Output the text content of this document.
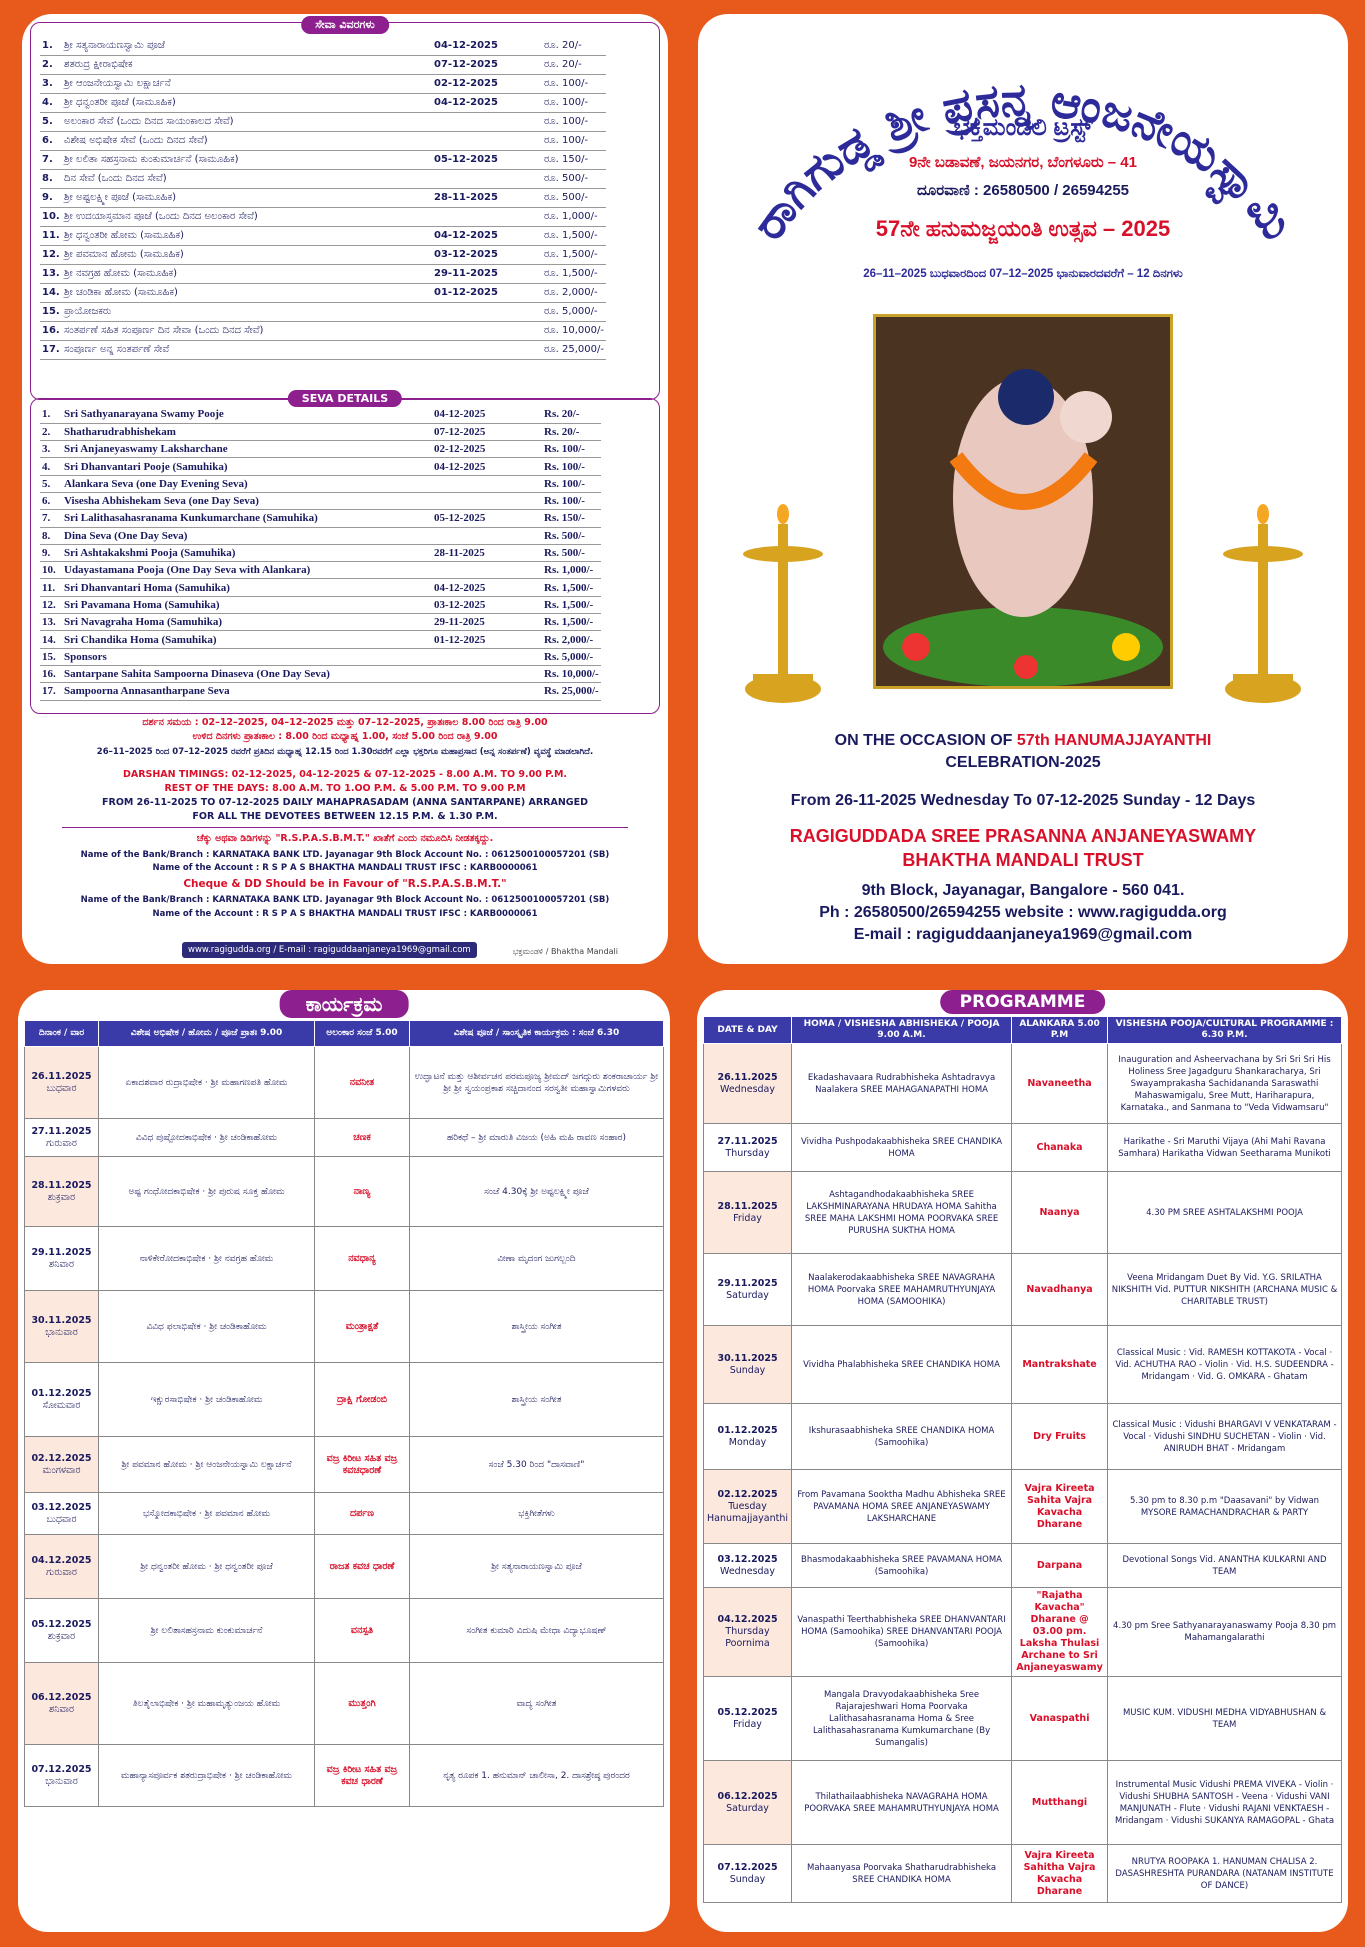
ಸೇವಾ ವಿವರಗಳು
1.	ಶ್ರೀ ಸತ್ಯನಾರಾಯಣಸ್ವಾಮಿ ಪೂಜೆ	04-12-2025	ರೂ. 20/-
2.	ಶತರುದ್ರ ಕ್ಷೀರಾಭಿಷೇಕ	07-12-2025	ರೂ. 20/-
3.	ಶ್ರೀ ಆಂಜನೇಯಸ್ವಾಮಿ ಲಕ್ಷಾರ್ಚನೆ	02-12-2025	ರೂ. 100/-
4.	ಶ್ರೀ ಧನ್ವಂತರೀ ಪೂಜೆ (ಸಾಮೂಹಿಕ)	04-12-2025	ರೂ. 100/-
5.	ಅಲಂಕಾರ ಸೇವೆ (ಒಂದು ದಿನದ ಸಾಯಂಕಾಲದ ಸೇವೆ)		ರೂ. 100/-
6.	ವಿಶೇಷ ಅಭಿಷೇಕ ಸೇವೆ (ಒಂದು ದಿನದ ಸೇವೆ)		ರೂ. 100/-
7.	ಶ್ರೀ ಲಲಿತಾ ಸಹಸ್ರನಾಮ ಕುಂಕುಮಾರ್ಚನೆ (ಸಾಮೂಹಿಕ)	05-12-2025	ರೂ. 150/-
8.	ದಿನ ಸೇವೆ (ಒಂದು ದಿನದ ಸೇವೆ)		ರೂ. 500/-
9.	ಶ್ರೀ ಅಷ್ಟಲಕ್ಷ್ಮೀ ಪೂಜೆ (ಸಾಮೂಹಿಕ)	28-11-2025	ರೂ. 500/-
10.	ಶ್ರೀ ಉದಯಾಸ್ತಮಾನ ಪೂಜೆ (ಒಂದು ದಿನದ ಅಲಂಕಾರ ಸೇವೆ)		ರೂ. 1,000/-
11.	ಶ್ರೀ ಧನ್ವಂತರೀ ಹೋಮ (ಸಾಮೂಹಿಕ)	04-12-2025	ರೂ. 1,500/-
12.	ಶ್ರೀ ಪವಮಾನ ಹೋಮ (ಸಾಮೂಹಿಕ)	03-12-2025	ರೂ. 1,500/-
13.	ಶ್ರೀ ನವಗ್ರಹ ಹೋಮ (ಸಾಮೂಹಿಕ)	29-11-2025	ರೂ. 1,500/-
14.	ಶ್ರೀ ಚಂಡಿಕಾ ಹೋಮ (ಸಾಮೂಹಿಕ)	01-12-2025	ರೂ. 2,000/-
15.	ಪ್ರಾಯೋಜಕರು		ರೂ. 5,000/-
16.	ಸಂತರ್ಪಣೆ ಸಹಿತ ಸಂಪೂರ್ಣ ದಿನ ಸೇವಾ (ಒಂದು ದಿನದ ಸೇವೆ)		ರೂ. 10,000/-
17.	ಸಂಪೂರ್ಣ ಅನ್ನ ಸಂತರ್ಪಣೆ ಸೇವೆ		ರೂ. 25,000/-
SEVA DETAILS
1.	Sri Sathyanarayana Swamy Pooje	04-12-2025	Rs. 20/-
2.	Shatharudrabhishekam	07-12-2025	Rs. 20/-
3.	Sri Anjaneyaswamy Laksharchane	02-12-2025	Rs. 100/-
4.	Sri Dhanvantari Pooje (Samuhika)	04-12-2025	Rs. 100/-
5.	Alankara Seva (one Day Evening Seva)		Rs. 100/-
6.	Visesha Abhishekam Seva (one Day Seva)		Rs. 100/-
7.	Sri Lalithasahasranama Kunkumarchane (Samuhika)	05-12-2025	Rs. 150/-
8.	Dina Seva (One Day Seva)		Rs. 500/-
9.	Sri Ashtakakshmi Pooja (Samuhika)	28-11-2025	Rs. 500/-
10.	Udayastamana Pooja (One Day Seva with Alankara)		Rs. 1,000/-
11.	Sri Dhanvantari Homa (Samuhika)	04-12-2025	Rs. 1,500/-
12.	Sri Pavamana Homa (Samuhika)	03-12-2025	Rs. 1,500/-
13.	Sri Navagraha Homa (Samuhika)	29-11-2025	Rs. 1,500/-
14.	Sri Chandika Homa (Samuhika)	01-12-2025	Rs. 2,000/-
15.	Sponsors		Rs. 5,000/-
16.	Santarpane Sahita Sampoorna Dinaseva (One Day Seva)		Rs. 10,000/-
17.	Sampoorna Annasantharpane Seva		Rs. 25,000/-
ದರ್ಶನ ಸಮಯ : 02–12–2025, 04–12–2025 ಮತ್ತು 07–12–2025, ಪ್ರಾತಃಕಾಲ 8.00 ರಿಂದ ರಾತ್ರಿ 9.00
ಉಳಿದ ದಿನಗಳು ಪ್ರಾತಃಕಾಲ : 8.00 ರಿಂದ ಮಧ್ಯಾಹ್ನ 1.00, ಸಂಜೆ 5.00 ರಿಂದ ರಾತ್ರಿ 9.00
26–11–2025 ರಿಂದ 07–12–2025 ರವರೆಗೆ ಪ್ರತಿದಿನ ಮಧ್ಯಾಹ್ನ 12.15 ರಿಂದ 1.30ರವರೆಗೆ ಎಲ್ಲಾ ಭಕ್ತರಿಗೂ ಮಹಾಪ್ರಸಾದ (ಅನ್ನ ಸಂತರ್ಪಣೆ) ವ್ಯವಸ್ಥೆ ಮಾಡಲಾಗಿದೆ.
DARSHAN TIMINGS: 02-12-2025, 04-12-2025 & 07-12-2025 - 8.00 A.M. TO 9.00 P.M.
REST OF THE DAYS: 8.00 A.M. TO 1.OO P.M. & 5.00 P.M. TO 9.00 P.M
FROM 26-11-2025 TO 07-12-2025 DAILY MAHAPRASADAM (ANNA SANTARPANE) ARRANGED
FOR ALL THE DEVOTEES BETWEEN 12.15 P.M. & 1.30 P.M.
ಚೆಕ್ಕು ಅಥವಾ ಡಿಡಿಗಳನ್ನು "R.S.P.A.S.B.M.T." ಖಾತೆಗೆ ಎಂದು ನಮೂದಿಸಿ ನೀಡತಕ್ಕದ್ದು.
Name of the Bank/Branch : KARNATAKA BANK LTD. Jayanagar 9th Block Account No. : 0612500100057201 (SB)
Name of the Account : R S P A S BHAKTHA MANDALI TRUST IFSC : KARB0000061
Cheque & DD Should be in Favour of "R.S.P.A.S.B.M.T."
Name of the Bank/Branch : KARNATAKA BANK LTD. Jayanagar 9th Block Account No. : 0612500100057201 (SB)
Name of the Account : R S P A S BHAKTHA MANDALI TRUST IFSC : KARB0000061
www.ragigudda.org / E-mail : ragiguddaanjaneya1969@gmail.com	ಭಕ್ತಮಂಡಳಿ / Bhaktha Mandali
ರಾಗಿಗುಡ್ಡ ಶ್ರೀ ಪ್ರಸನ್ನ ಆಂಜನೇಯಸ್ವಾಮಿ
ಭಕ್ತಮಂಡಲಿ ಟ್ರಸ್ಟ್
9ನೇ ಬಡಾವಣೆ, ಜಯನಗರ, ಬೆಂಗಳೂರು – 41
ದೂರವಾಣಿ : 26580500 / 26594255
57ನೇ ಹನುಮಜ್ಜಯಂತಿ ಉತ್ಸವ – 2025
26–11–2025 ಬುಧವಾರದಿಂದ 07–12–2025 ಭಾನುವಾರದವರೆಗೆ – 12 ದಿನಗಳು
ON THE OCCASION OF 57th HANUMAJJAYANTHI
CELEBRATION-2025
From 26-11-2025 Wednesday To 07-12-2025 Sunday - 12 Days
RAGIGUDDADA SREE PRASANNA ANJANEYASWAMY
BHAKTHA MANDALI TRUST
9th Block, Jayanagar, Bangalore - 560 041.
Ph : 26580500/26594255 website : www.ragigudda.org
E-mail : ragiguddaanjaneya1969@gmail.com
ಕಾರ್ಯಕ್ರಮ
ದಿನಾಂಕ / ವಾರ	ವಿಶೇಷ ಅಭಿಷೇಕ / ಹೋಮ / ಪೂಜೆ ಪ್ರಾತಃ 9.00	ಅಲಂಕಾರ ಸಂಜೆ 5.00	ವಿಶೇಷ ಪೂಜೆ / ಸಾಂಸ್ಕೃತಿಕ ಕಾರ್ಯಕ್ರಮ : ಸಂಜೆ 6.30

26.11.2025
ಬುಧವಾರ	ಏಕಾದಶವಾರ ರುದ್ರಾಭಿಷೇಕ · ಶ್ರೀ ಮಹಾಗಣಪತಿ ಹೋಮ	ನವನೀತ	ಉದ್ಘಾಟನೆ ಮತ್ತು ಆಶೀರ್ವಚನ ಪರಮಪೂಜ್ಯ ಶ್ರೀಮದ್ ಜಗದ್ಗುರು ಶಂಕರಾಚಾರ್ಯ ಶ್ರೀ ಶ್ರೀ ಶ್ರೀ ಸ್ವಯಂಪ್ರಕಾಶ ಸಚ್ಚಿದಾನಂದ ಸರಸ್ವತೀ ಮಹಾಸ್ವಾಮಿಗಳವರು

27.11.2025
ಗುರುವಾರ	ವಿವಿಧ ಪುಷ್ಪೋದಕಾಭಿಷೇಕ · ಶ್ರೀ ಚಂಡಿಕಾಹೋಮ	ಚಣಕ	ಹರಿಕಥೆ – ಶ್ರೀ ಮಾರುತಿ ವಿಜಯ (ಅಹಿ ಮಹಿ ರಾವಣ ಸಂಹಾರ)

28.11.2025
ಶುಕ್ರವಾರ	ಅಷ್ಟ ಗಂಧೋದಕಾಭಿಷೇಕ · ಶ್ರೀ ಪುರುಷ ಸೂಕ್ತ ಹೋಮ	ನಾಣ್ಯ	ಸಂಜೆ 4.30ಕ್ಕೆ ಶ್ರೀ ಅಷ್ಟಲಕ್ಷ್ಮೀ ಪೂಜೆ

29.11.2025
ಶನಿವಾರ	ನಾಳಿಕೇರೋದಕಾಭಿಷೇಕ · ಶ್ರೀ ನವಗ್ರಹ ಹೋಮ	ನವಧಾನ್ಯ	ವೀಣಾ ಮೃದಂಗ ಜುಗಲ್ಬಂದಿ

30.11.2025
ಭಾನುವಾರ	ವಿವಿಧ ಫಲಾಭಿಷೇಕ · ಶ್ರೀ ಚಂಡಿಕಾಹೋಮ	ಮಂತ್ರಾಕ್ಷತೆ	ಶಾಸ್ತ್ರೀಯ ಸಂಗೀತ

01.12.2025
ಸೋಮವಾರ	ಇಕ್ಷುರಸಾಭಿಷೇಕ · ಶ್ರೀ ಚಂಡಿಕಾಹೋಮ	ದ್ರಾಕ್ಷಿ ಗೋಡಂಬಿ	ಶಾಸ್ತ್ರೀಯ ಸಂಗೀತ

02.12.2025
ಮಂಗಳವಾರ	ಶ್ರೀ ಪವಮಾನ ಹೋಮ · ಶ್ರೀ ಆಂಜನೇಯಸ್ವಾಮಿ ಲಕ್ಷಾರ್ಚನೆ	ವಜ್ರ ಕಿರೀಟ ಸಹಿತ ವಜ್ರ ಕವಚಧಾರಣೆ	ಸಂಜೆ 5.30 ರಿಂದ "ದಾಸವಾಣಿ"

03.12.2025
ಬುಧವಾರ	ಭಸ್ಮೋದಕಾಭಿಷೇಕ · ಶ್ರೀ ಪವಮಾನ ಹೋಮ	ದರ್ಪಣ	ಭಕ್ತಿಗೀತೆಗಳು

04.12.2025
ಗುರುವಾರ	ಶ್ರೀ ಧನ್ವಂತರೀ ಹೋಮ · ಶ್ರೀ ಧನ್ವಂತರೀ ಪೂಜೆ	ರಾಜತ ಕವಚ ಧಾರಣೆ	ಶ್ರೀ ಸತ್ಯನಾರಾಯಣಸ್ವಾಮಿ ಪೂಜೆ

05.12.2025
ಶುಕ್ರವಾರ	ಶ್ರೀ ಲಲಿತಾಸಹಸ್ರನಾಮ ಕುಂಕುಮಾರ್ಚನೆ	ವನಸ್ಪತಿ	ಸಂಗೀತ ಕುಮಾರಿ ವಿದುಷಿ ಮೇಧಾ ವಿದ್ಯಾಭೂಷಣ್

06.12.2025
ಶನಿವಾರ	ತಿಲತೈಲಾಭಿಷೇಕ · ಶ್ರೀ ಮಹಾಮೃತ್ಯುಂಜಯ ಹೋಮ	ಮುತ್ತಂಗಿ	ವಾದ್ಯ ಸಂಗೀತ

07.12.2025
ಭಾನುವಾರ	ಮಹಾನ್ಯಾಸಪೂರ್ವಕ ಶತರುದ್ರಾಭಿಷೇಕ · ಶ್ರೀ ಚಂಡಿಕಾಹೋಮ	ವಜ್ರ ಕಿರೀಟ ಸಹಿತ ವಜ್ರ ಕವಚ ಧಾರಣೆ	ನೃತ್ಯ ರೂಪಕ 1. ಹನುಮಾನ್ ಚಾಲೀಸಾ, 2. ದಾಸಶ್ರೇಷ್ಠ ಪುರಂದರ
PROGRAMME
DATE & DAY	HOMA / VISHESHA ABHISHEKA / POOJA 9.00 A.M.	ALANKARA 5.00 P.M	VISHESHA POOJA/CULTURAL PROGRAMME : 6.30 P.M.

26.11.2025
Wednesday	Ekadashavaara Rudrabhisheka Ashtadravya Naalakera SREE MAHAGANAPATHI HOMA	Navaneetha	Inauguration and Asheervachana by Sri Sri Sri His Holiness Sree Jagadguru Shankaracharya, Sri Swayamprakasha Sachidananda Saraswathi Mahaswamigalu, Sree Mutt, Hariharapura, Karnataka., and Sanmana to "Veda Vidwamsaru"

27.11.2025
Thursday	Vividha Pushpodakaabhisheka SREE CHANDIKA HOMA	Chanaka	Harikathe - Sri Maruthi Vijaya (Ahi Mahi Ravana Samhara) Harikatha Vidwan Seetharama Munikoti

28.11.2025
Friday	Ashtagandhodakaabhisheka SREE LAKSHMINARAYANA HRUDAYA HOMA Sahitha SREE MAHA LAKSHMI HOMA POORVAKA SREE PURUSHA SUKTHA HOMA	Naanya	4.30 PM SREE ASHTALAKSHMI POOJA

29.11.2025
Saturday	Naalakerodakaabhisheka SREE NAVAGRAHA HOMA Poorvaka SREE MAHAMRUTHYUNJAYA HOMA (SAMOOHIKA)	Navadhanya	Veena Mridangam Duet By Vid. Y.G. SRILATHA NIKSHITH Vid. PUTTUR NIKSHITH (ARCHANA MUSIC & CHARITABLE TRUST)

30.11.2025
Sunday	Vividha Phalabhisheka SREE CHANDIKA HOMA	Mantrakshate	Classical Music : Vid. RAMESH KOTTAKOTA - Vocal · Vid. ACHUTHA RAO - Violin · Vid. H.S. SUDEENDRA - Mridangam · Vid. G. OMKARA - Ghatam

01.12.2025
Monday	Ikshurasaabhisheka SREE CHANDIKA HOMA (Samoohika)	Dry Fruits	Classical Music : Vidushi BHARGAVI V VENKATARAM - Vocal · Vidushi SINDHU SUCHETAN - Violin · Vid. ANIRUDH BHAT - Mridangam

02.12.2025
Tuesday Hanumajjayanthi	From Pavamana Sooktha Madhu Abhisheka SREE PAVAMANA HOMA SREE ANJANEYASWAMY LAKSHARCHANE	Vajra Kireeta Sahita Vajra Kavacha Dharane	5.30 pm to 8.30 p.m "Daasavani" by Vidwan MYSORE RAMACHANDRACHAR & PARTY

03.12.2025
Wednesday	Bhasmodakaabhisheka SREE PAVAMANA HOMA (Samoohika)	Darpana	Devotional Songs Vid. ANANTHA KULKARNI AND TEAM

04.12.2025
Thursday Poornima	Vanaspathi Teerthabhisheka SREE DHANVANTARI HOMA (Samoohika) SREE DHANVANTARI POOJA (Samoohika)	"Rajatha Kavacha" Dharane @ 03.00 pm. Laksha Thulasi Archane to Sri Anjaneyaswamy	4.30 pm Sree Sathyanarayanaswamy Pooja 8.30 pm Mahamangalarathi

05.12.2025
Friday	Mangala Dravyodakaabhisheka Sree Rajarajeshwari Homa Poorvaka Lalithasahasranama Homa & Sree Lalithasahasranama Kumkumarchane (By Sumangalis)	Vanaspathi	MUSIC KUM. VIDUSHI MEDHA VIDYABHUSHAN & TEAM

06.12.2025
Saturday	Thilathailaabhisheka NAVAGRAHA HOMA POORVAKA SREE MAHAMRUTHYUNJAYA HOMA	Mutthangi	Instrumental Music Vidushi PREMA VIVEKA - Violin · Vidushi SHUBHA SANTOSH - Veena · Vidushi VANI MANJUNATH - Flute · Vidushi RAJANI VENKTAESH - Mridangam · Vidushi SUKANYA RAMAGOPAL - Ghata

07.12.2025
Sunday	Mahaanyasa Poorvaka Shatharudrabhisheka SREE CHANDIKA HOMA	Vajra Kireeta Sahitha Vajra Kavacha Dharane	NRUTYA ROOPAKA 1. HANUMAN CHALISA 2. DASASHRESHTA PURANDARA (NATANAM INSTITUTE OF DANCE)
